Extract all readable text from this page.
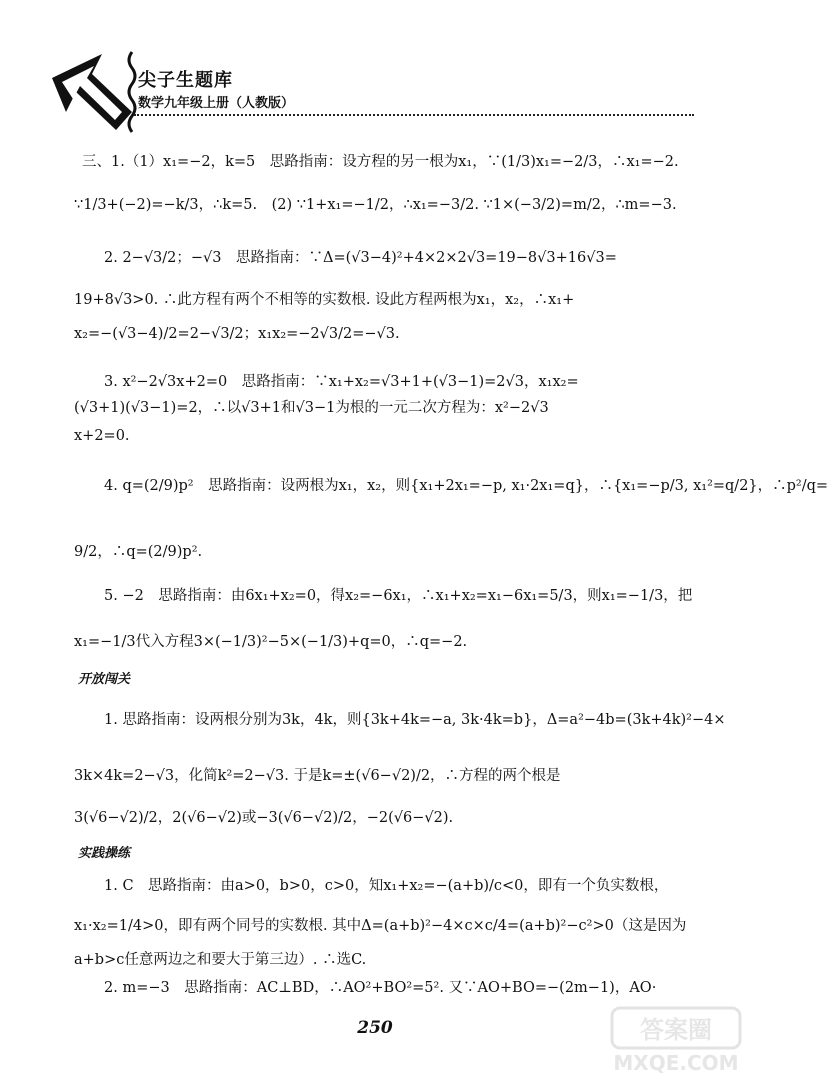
尖子生题库
数学九年级上册（人教版）
三、1.（1）x₁=−2，k=5　思路指南：设方程的另一根为x₁，∵(1/3)x₁=−2/3，∴x₁=−2.
∵1/3+(−2)=−k/3，∴k=5.　(2) ∵1+x₁=−1/2，∴x₁=−3/2. ∵1×(−3/2)=m/2，∴m=−3.
2. 2−√3/2；−√3　思路指南：∵Δ=(√3−4)²+4×2×2√3=19−8√3+16√3=
19+8√3>0. ∴此方程有两个不相等的实数根. 设此方程两根为x₁，x₂，∴x₁+
x₂=−(√3−4)/2=2−√3/2；x₁x₂=−2√3/2=−√3.
3. x²−2√3x+2=0　思路指南：∵x₁+x₂=√3+1+(√3−1)=2√3，x₁x₂=
(√3+1)(√3−1)=2，∴以√3+1和√3−1为根的一元二次方程为：x²−2√3
x+2=0.
4. q=(2/9)p²　思路指南：设两根为x₁，x₂，则{x₁+2x₁=−p, x₁·2x₁=q}，∴{x₁=−p/3, x₁²=q/2}，∴p²/q=
9/2，∴q=(2/9)p².
5. −2　思路指南：由6x₁+x₂=0，得x₂=−6x₁，∴x₁+x₂=x₁−6x₁=5/3，则x₁=−1/3，把
x₁=−1/3代入方程3×(−1/3)²−5×(−1/3)+q=0，∴q=−2.
开放闯关
1. 思路指南：设两根分别为3k，4k，则{3k+4k=−a, 3k·4k=b}，Δ=a²−4b=(3k+4k)²−4×
3k×4k=2−√3，化简k²=2−√3. 于是k=±(√6−√2)/2，∴方程的两个根是
3(√6−√2)/2，2(√6−√2)或−3(√6−√2)/2，−2(√6−√2).
实践操练
1. C　思路指南：由a>0，b>0，c>0，知x₁+x₂=−(a+b)/c<0，即有一个负实数根，
x₁·x₂=1/4>0，即有两个同号的实数根. 其中Δ=(a+b)²−4×c×c/4=(a+b)²−c²>0（这是因为
a+b>c任意两边之和要大于第三边）. ∴选C.
2. m=−3　思路指南：AC⊥BD，∴AO²+BO²=5². 又∵AO+BO=−(2m−1)，AO·
250	答案圈
MXQE.COM
